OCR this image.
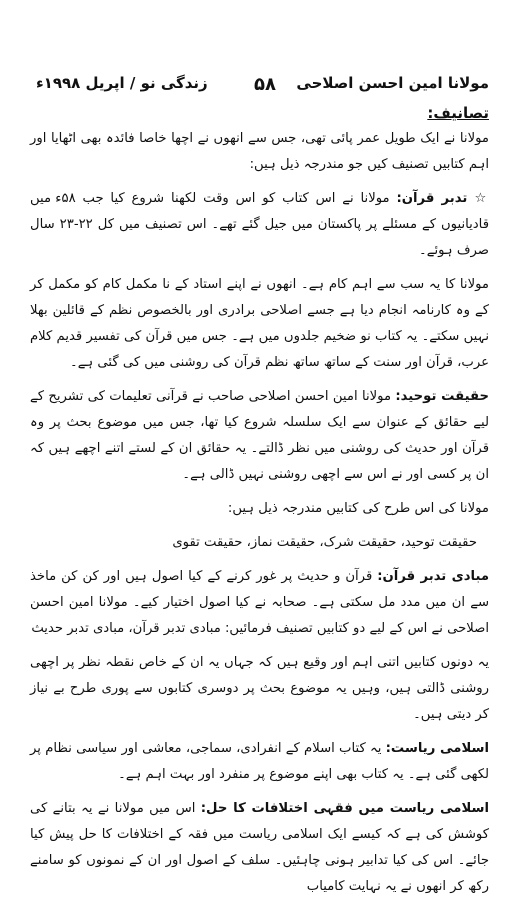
مولانا امین احسن اصلاحی
۵۸
زندگی نو / اپریل ۱۹۹۸ء
تصانیف:

مولانا نے ایک طویل عمر پائی تھی، جس سے انھوں نے اچھا خاصا فائدہ بھی اٹھایا اور اہم کتابیں تصنیف کیں جو مندرجہ ذیل ہیں:

☆ تدبر قرآن: مولانا نے اس کتاب کو اس وقت لکھنا شروع کیا جب ۵۸ء میں قادیانیوں کے مسئلے پر پاکستان میں جیل گئے تھے۔ اس تصنیف میں کل ۲۲-۲۳ سال صرف ہوئے۔

مولانا کا یہ سب سے اہم کام ہے۔ انھوں نے اپنے استاد کے نا مکمل کام کو مکمل کر کے وہ کارنامہ انجام دیا ہے جسے اصلاحی برادری اور بالخصوص نظم کے قائلین بھلا نہیں سکتے۔ یہ کتاب نو ضخیم جلدوں میں ہے۔ جس میں قرآن کی تفسیر قدیم کلام عرب، قرآن اور سنت کے ساتھ ساتھ نظم قرآن کی روشنی میں کی گئی ہے۔

حقیقت توحید: مولانا امین احسن اصلاحی صاحب نے قرآنی تعلیمات کی تشریح کے لیے حقائق کے عنوان سے ایک سلسلہ شروع کیا تھا، جس میں موضوع بحث پر وہ قرآن اور حدیث کی روشنی میں نظر ڈالتے۔ یہ حقائق ان کے لستے اتنے اچھے ہیں کہ ان پر کسی اور نے اس سے اچھی روشنی نہیں ڈالی ہے۔

مولانا کی اس طرح کی کتابیں مندرجہ ذیل ہیں:

حقیقت توحید، حقیقت شرک، حقیقت نماز، حقیقت تقوی

مبادی تدبر قرآن: قرآن و حدیث پر غور کرنے کے کیا اصول ہیں اور کن کن ماخذ سے ان میں مدد مل سکتی ہے۔ صحابہ نے کیا اصول اختیار کیے۔ مولانا امین احسن اصلاحی نے اس کے لیے دو کتابیں تصنیف فرمائیں: مبادی تدبر قرآن، مبادی تدبر حدیث

یہ دونوں کتابیں اتنی اہم اور وقیع ہیں کہ جہاں یہ ان کے خاص نقطہ نظر پر اچھی روشنی ڈالتی ہیں، وہیں یہ موضوع بحث پر دوسری کتابوں سے پوری طرح بے نیاز کر دیتی ہیں۔

اسلامی ریاست: یہ کتاب اسلام کے انفرادی، سماجی، معاشی اور سیاسی نظام پر لکھی گئی ہے۔ یہ کتاب بھی اپنے موضوع پر منفرد اور بہت اہم ہے۔

اسلامی ریاست میں فقہی اختلافات کا حل: اس میں مولانا نے یہ بتانے کی کوشش کی ہے کہ کیسے ایک اسلامی ریاست میں فقہ کے اختلافات کا حل پیش کیا جائے۔ اس کی کیا تدابیر ہونی چاہئیں۔ سلف کے اصول اور ان کے نمونوں کو سامنے رکھ کر انھوں نے یہ نہایت کامیاب
